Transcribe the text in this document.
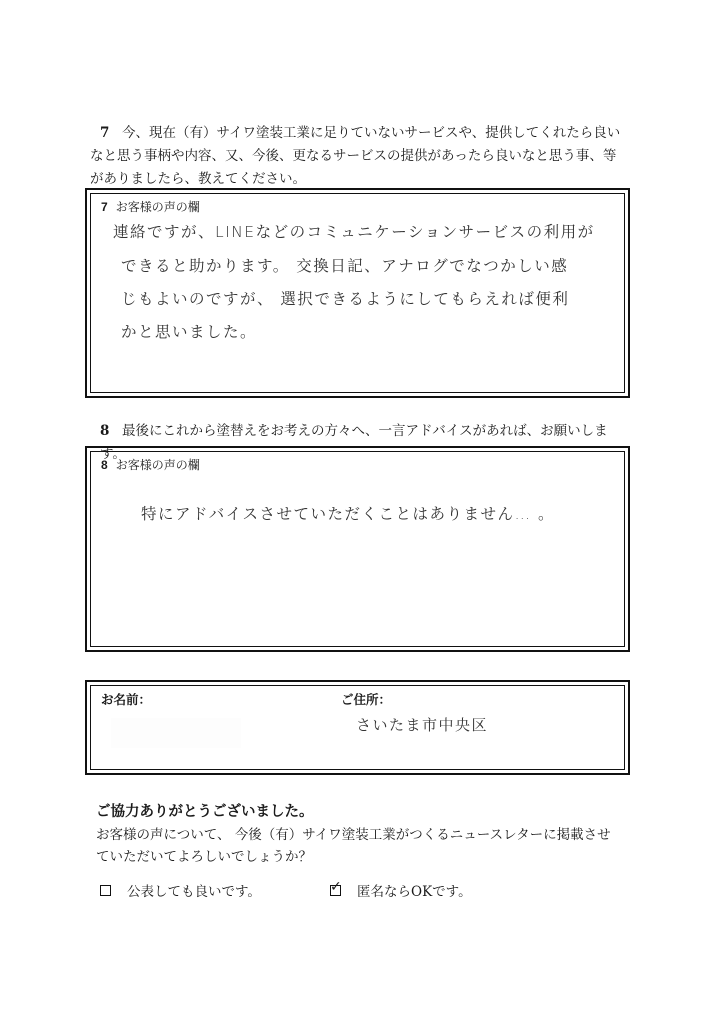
7 今、現在（有）サイワ塗装工業に足りていないサービスや、提供してくれたら良い
なと思う事柄や内容、又、今後、更なるサービスの提供があったら良いなと思う事、等
がありましたら、教えてください。
7 お客様の声の欄
連絡ですが、LINEなどのコミュニケーションサービスの利用が
できると助かります。 交換日記、アナログでなつかしい感
じもよいのですが、 選択できるようにしてもらえれば便利
かと思いました。
8 最後にこれから塗替えをお考えの方々へ、一言アドバイスがあれば、お願いします。
8 お客様の声の欄
特にアドバイスさせていただくことはありません… 。
お名前：	ご住所：
さいたま市中央区
ご協力ありがとうございました。
お客様の声について、 今後（有）サイワ塗装工業がつくるニュースレターに掲載させ
ていただいてよろしいでしょうか？
公表しても良いです。	✓ 匿名ならOKです。
